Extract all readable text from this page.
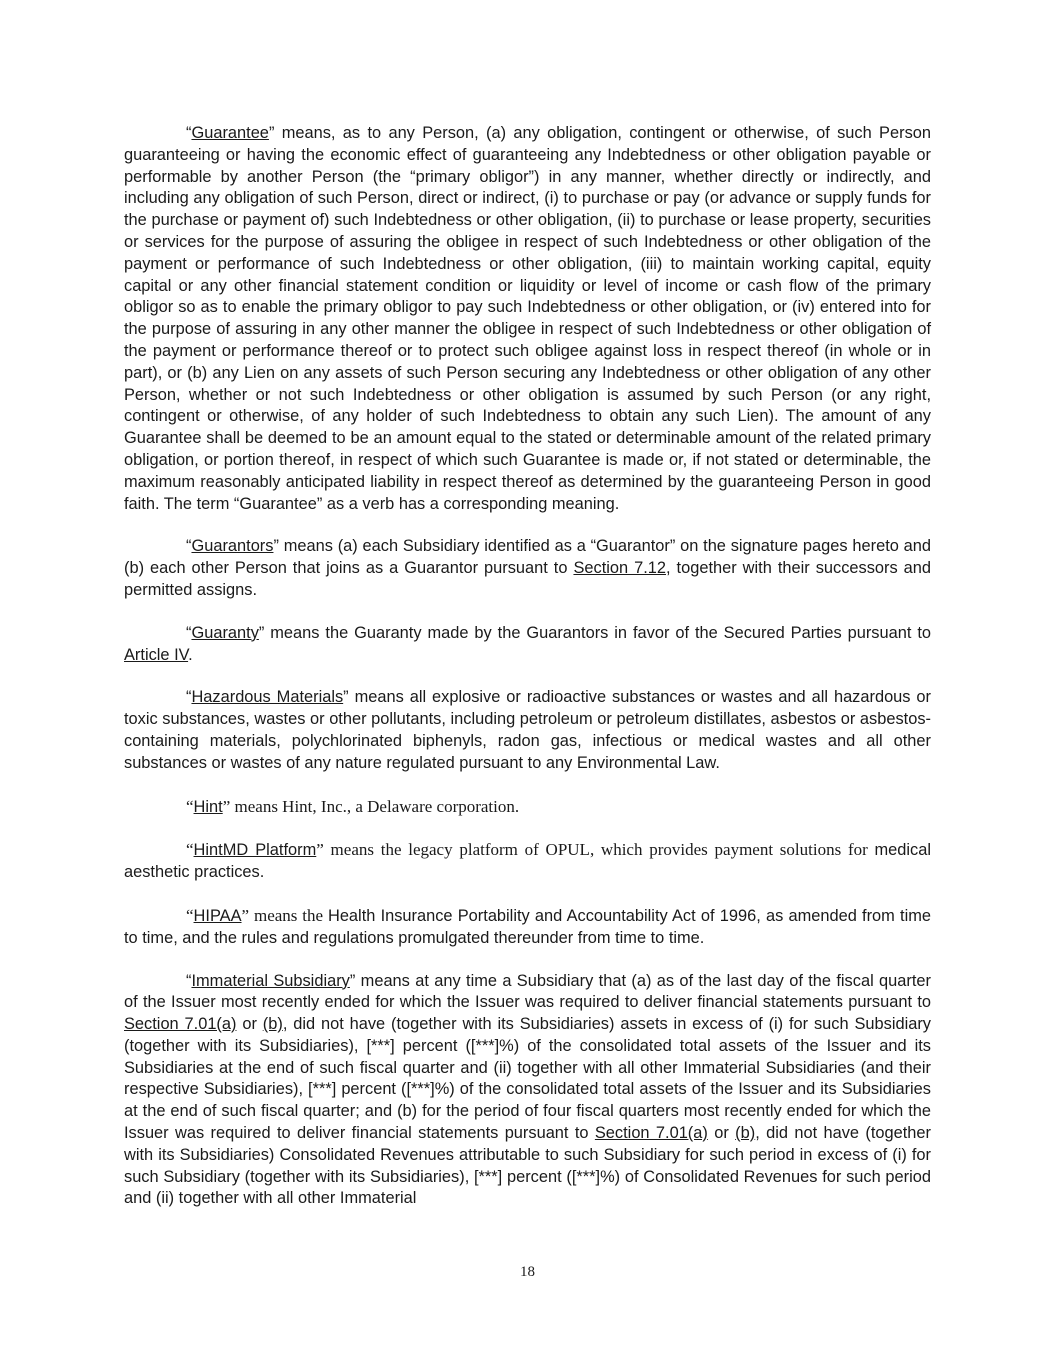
“Guarantee” means, as to any Person, (a) any obligation, contingent or otherwise, of such Person guaranteeing or having the economic effect of guaranteeing any Indebtedness or other obligation payable or performable by another Person (the “primary obligor”) in any manner, whether directly or indirectly, and including any obligation of such Person, direct or indirect, (i) to purchase or pay (or advance or supply funds for the purchase or payment of) such Indebtedness or other obligation, (ii) to purchase or lease property, securities or services for the purpose of assuring the obligee in respect of such Indebtedness or other obligation of the payment or performance of such Indebtedness or other obligation, (iii) to maintain working capital, equity capital or any other financial statement condition or liquidity or level of income or cash flow of the primary obligor so as to enable the primary obligor to pay such Indebtedness or other obligation, or (iv) entered into for the purpose of assuring in any other manner the obligee in respect of such Indebtedness or other obligation of the payment or performance thereof or to protect such obligee against loss in respect thereof (in whole or in part), or (b) any Lien on any assets of such Person securing any Indebtedness or other obligation of any other Person, whether or not such Indebtedness or other obligation is assumed by such Person (or any right, contingent or otherwise, of any holder of such Indebtedness to obtain any such Lien). The amount of any Guarantee shall be deemed to be an amount equal to the stated or determinable amount of the related primary obligation, or portion thereof, in respect of which such Guarantee is made or, if not stated or determinable, the maximum reasonably anticipated liability in respect thereof as determined by the guaranteeing Person in good faith. The term “Guarantee” as a verb has a corresponding meaning.

“Guarantors” means (a) each Subsidiary identified as a “Guarantor” on the signature pages hereto and (b) each other Person that joins as a Guarantor pursuant to Section 7.12, together with their successors and permitted assigns.

“Guaranty” means the Guaranty made by the Guarantors in favor of the Secured Parties pursuant to Article IV.

“Hazardous Materials” means all explosive or radioactive substances or wastes and all hazardous or toxic substances, wastes or other pollutants, including petroleum or petroleum distillates, asbestos or asbestos-containing materials, polychlorinated biphenyls, radon gas, infectious or medical wastes and all other substances or wastes of any nature regulated pursuant to any Environmental Law.

“Hint” means Hint, Inc., a Delaware corporation.

“HintMD Platform” means the legacy platform of OPUL, which provides payment solutions for medical aesthetic practices.

“HIPAA” means the Health Insurance Portability and Accountability Act of 1996, as amended from time to time, and the rules and regulations promulgated thereunder from time to time.

“Immaterial Subsidiary” means at any time a Subsidiary that (a) as of the last day of the fiscal quarter of the Issuer most recently ended for which the Issuer was required to deliver financial statements pursuant to Section 7.01(a) or (b), did not have (together with its Subsidiaries) assets in excess of (i) for such Subsidiary (together with its Subsidiaries), [***] percent ([***]%) of the consolidated total assets of the Issuer and its Subsidiaries at the end of such fiscal quarter and (ii) together with all other Immaterial Subsidiaries (and their respective Subsidiaries), [***] percent ([***]%) of the consolidated total assets of the Issuer and its Subsidiaries at the end of such fiscal quarter; and (b) for the period of four fiscal quarters most recently ended for which the Issuer was required to deliver financial statements pursuant to Section 7.01(a) or (b), did not have (together with its Subsidiaries) Consolidated Revenues attributable to such Subsidiary for such period in excess of (i) for such Subsidiary (together with its Subsidiaries), [***] percent ([***]%) of Consolidated Revenues for such period and (ii) together with all other Immaterial

18
